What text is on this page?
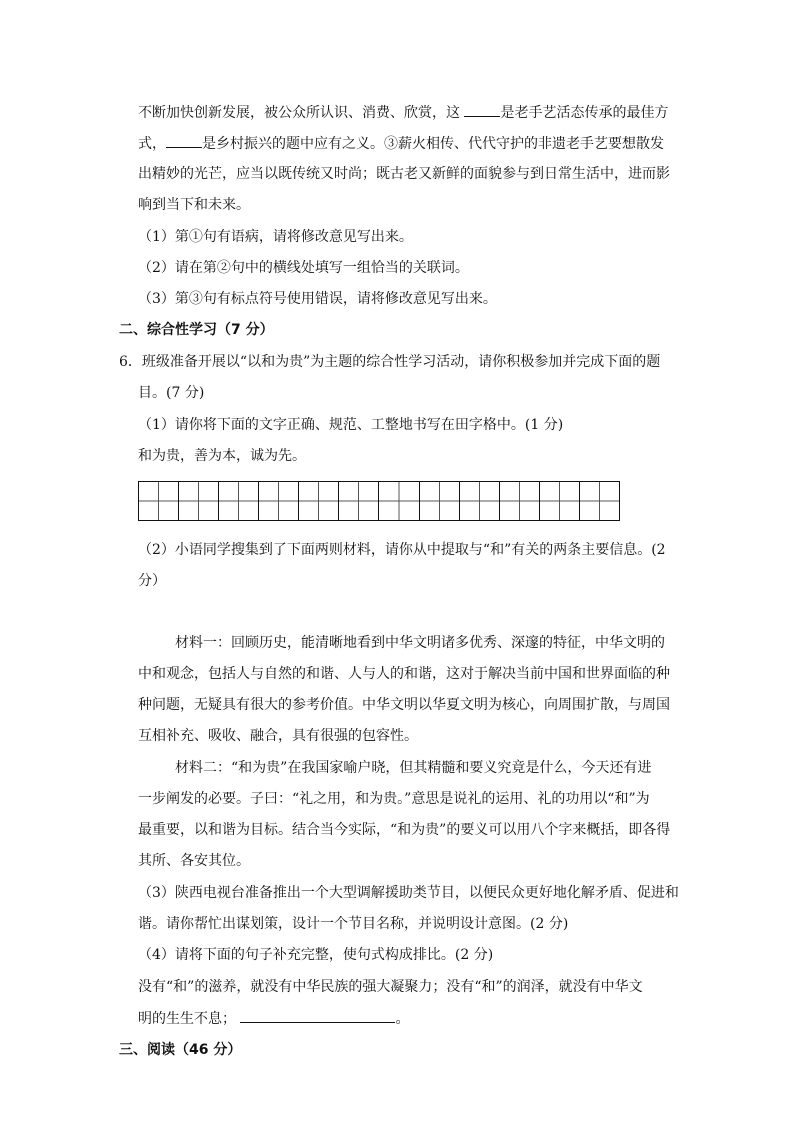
不断加快创新发展，被公众所认识、消费、欣赏，这	是老手艺活态传承的最佳方
式，	是乡村振兴的题中应有之义。③薪火相传、代代守护的非遗老手艺要想散发
出精妙的光芒，应当以既传统又时尚；既古老又新鲜的面貌参与到日常生活中，进而影
响到当下和未来。
（1）第①句有语病，请将修改意见写出来。
（2）请在第②句中的横线处填写一组恰当的关联词。
（3）第③句有标点符号使用错误，请将修改意见写出来。
二、综合性学习（7 分）
6．班级准备开展以“以和为贵”为主题的综合性学习活动，请你积极参加并完成下面的题
目。(7 分)
（1）请你将下面的文字正确、规范、工整地书写在田字格中。(1 分)
和为贵，善为本，诚为先。
（2）小语同学搜集到了下面两则材料，请你从中提取与“和”有关的两条主要信息。(2
分）
材料一：回顾历史，能清晰地看到中华文明诸多优秀、深邃的特征，中华文明的
中和观念，包括人与自然的和谐、人与人的和谐，这对于解决当前中国和世界面临的种
种问题，无疑具有很大的参考价值。中华文明以华夏文明为核心，向周围扩散，与周国
互相补充、吸收、融合，具有很强的包容性。
材料二：“和为贵”在我国家喻户晓，但其精髓和要义究竟是什么，今天还有进
一步阐发的必要。子曰：“礼之用，和为贵。”意思是说礼的运用、礼的功用以“和”为
最重要，以和谐为目标。结合当今实际，“和为贵”的要义可以用八个字来概括，即各得
其所、各安其位。
（3）陕西电视台准备推出一个大型调解援助类节目，以便民众更好地化解矛盾、促进和
谐。请你帮忙出谋划策，设计一个节目名称，并说明设计意图。(2 分)
（4）请将下面的句子补充完整，使句式构成排比。(2 分)
没有“和”的滋养，就没有中华民族的强大凝聚力；没有“和”的润泽，就没有中华文
明的生生不息；	。
三、阅读（46 分）
